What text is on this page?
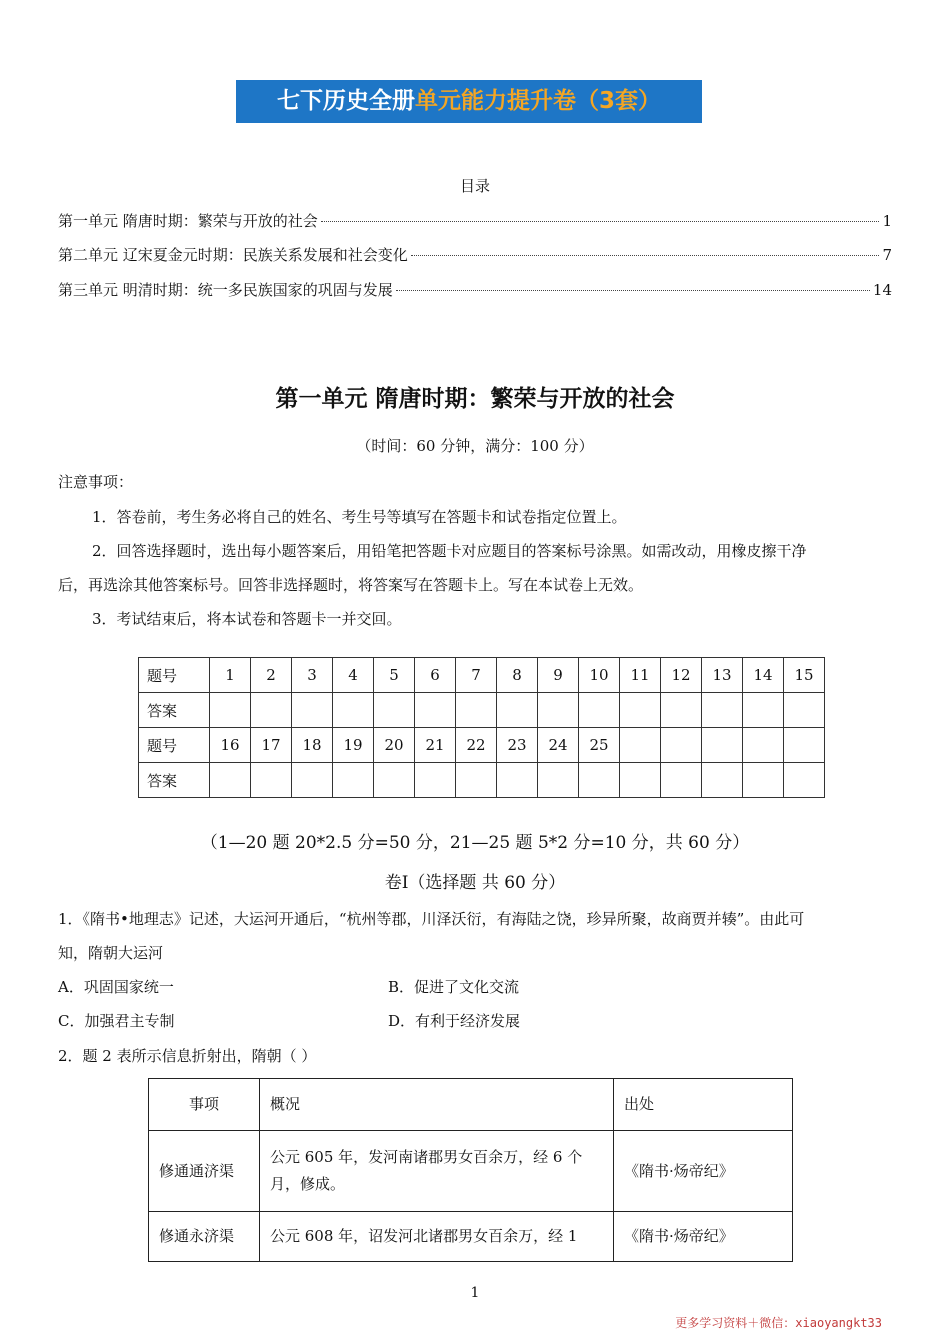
七下历史全册单元能力提升卷（3套）
目录
第一单元 隋唐时期：繁荣与开放的社会	1
第二单元 辽宋夏金元时期：民族关系发展和社会变化	7
第三单元 明清时期：统一多民族国家的巩固与发展	14
第一单元 隋唐时期：繁荣与开放的社会
（时间：60 分钟，满分：100 分）
注意事项：
1．答卷前，考生务必将自己的姓名、考生号等填写在答题卡和试卷指定位置上。
2．回答选择题时，选出每小题答案后，用铅笔把答题卡对应题目的答案标号涂黑。如需改动，用橡皮擦干净
后，再选涂其他答案标号。回答非选择题时，将答案写在答题卡上。写在本试卷上无效。
3．考试结束后，将本试卷和答题卡一并交回。
题号	1	2	3	4	5	6	7	8	9	10	11	12	13	14	15
答案															
题号	16	17	18	19	20	21	22	23	24	25					
答案															
（1—20 题 20*2.5 分=50 分，21—25 题 5*2 分=10 分，共 60 分）
卷I（选择题 共 60 分）
1．《隋书•地理志》记述，大运河开通后，“杭州等郡，川泽沃衍，有海陆之饶，珍异所聚，故商贾并辏”。由此可
知，隋朝大运河
A．巩固国家统一	B．促进了文化交流
C．加强君主专制	D．有利于经济发展
2．题 2 表所示信息折射出，隋朝（ ）
事项	概况	出处
修通通济渠	公元 605 年，发河南诸郡男女百余万，经 6 个
月，修成。	《隋书·炀帝纪》
修通永济渠	公元 608 年，诏发河北诸郡男女百余万，经 1	《隋书·炀帝纪》
1
更多学习资料＋微信：xiaoyangkt33
